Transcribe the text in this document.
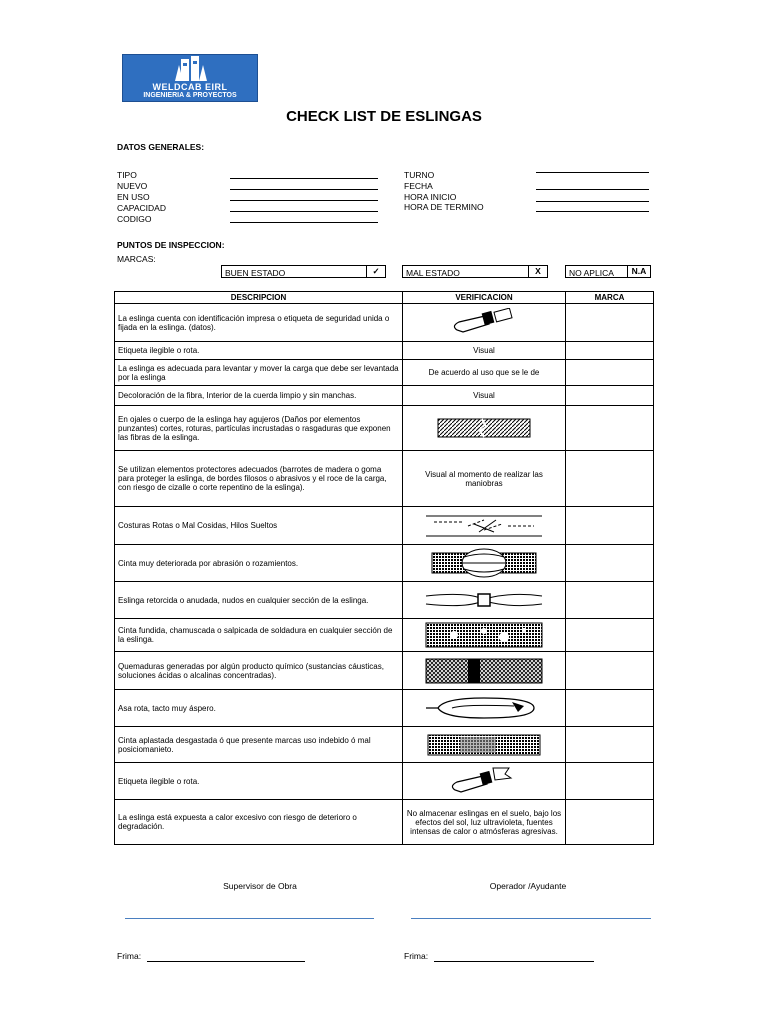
WELDCAB EIRL
INGENIERIA & PROYECTOS
CHECK LIST DE ESLINGAS
DATOS GENERALES:
TIPO
NUEVO
EN USO
CAPACIDAD
CODIGO
TURNO
FECHA
HORA INICIO
HORA DE TERMINO
PUNTOS DE INSPECCION:
MARCAS:
BUEN ESTADO	✓	MAL ESTADO	X	NO APLICA	N.A
DESCRIPCION	VERIFICACION	MARCA
La eslinga cuenta con identificación impresa o etiqueta de seguridad unida o fijada en la eslinga. (datos).	

Etiqueta ilegible o rota.	Visual	
La eslinga es adecuada para levantar y mover la carga que debe ser levantada por la eslinga	De acuerdo al uso que se le de	
Decoloración de la fibra, Interior de la cuerda limpio y sin manchas.	Visual	
En ojales o cuerpo de la eslinga hay agujeros (Daños por elementos punzantes) cortes, roturas, partículas incrustadas o rasgaduras que exponen las fibras de la eslinga.	

Se utilizan elementos protectores adecuados (barrotes de madera o goma para proteger la eslinga, de bordes filosos o abrasivos y el roce de la carga, con riesgo de cizalle o corte repentino de la eslinga).	Visual al momento de realizar las maniobras	
Costuras Rotas o Mal Cosidas, Hilos Sueltos	

Cinta muy deteriorada por abrasión o rozamientos.	

Eslinga retorcida o anudada, nudos en cualquier sección de la eslinga.	

Cinta fundida, chamuscada o salpicada de soldadura en cualquier sección de la eslinga.	

Quemaduras generadas por algún producto químico (sustancias cáusticas, soluciones ácidas o alcalinas concentradas).	

Asa rota, tacto muy áspero.	

Cinta aplastada desgastada ó que presente marcas uso indebido ó mal posiciomanieto.	

Etiqueta ilegible o rota.	

La eslinga está expuesta a calor excesivo con riesgo de deterioro o degradación.	No almacenar eslingas en el suelo, bajo los efectos del sol, luz ultravioleta, fuentes intensas de calor o atmósferas agresivas.	
Supervisor de Obra	Operador /Ayudante
Frima:	Frima:
